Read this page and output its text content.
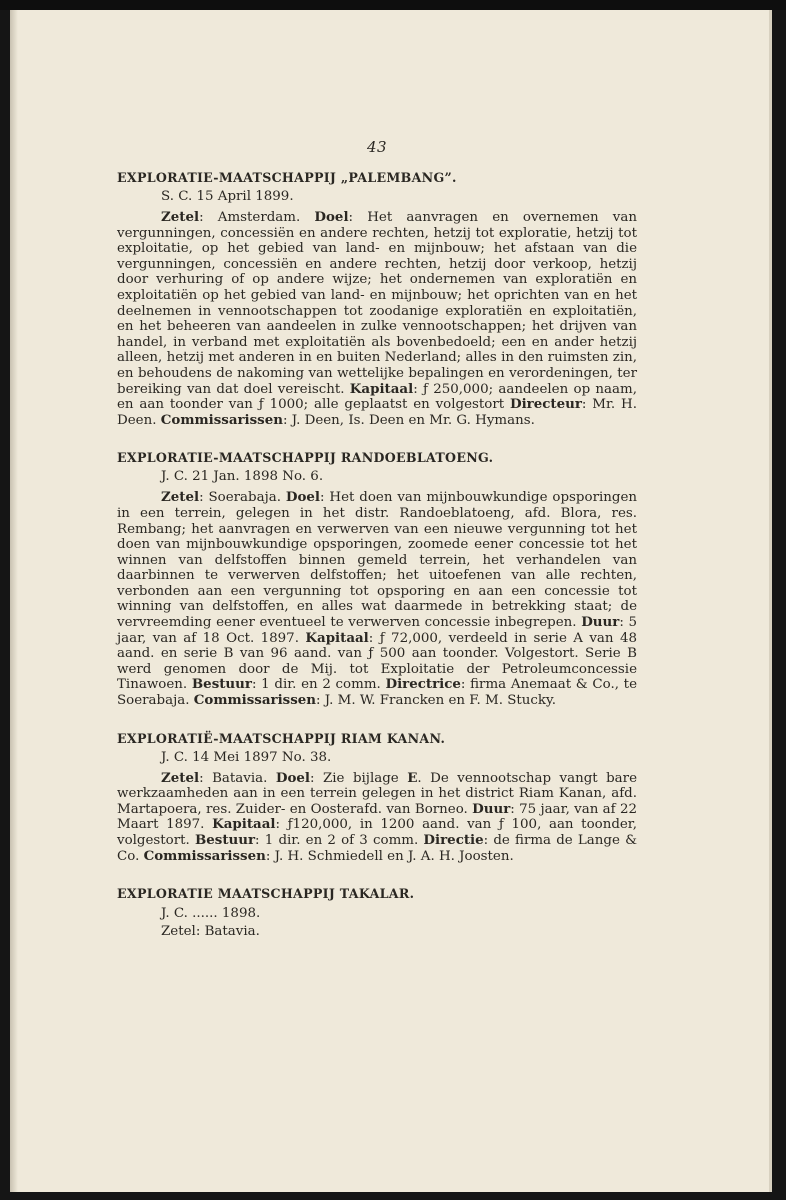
43
EXPLORATIE-MAATSCHAPPIJ „PALEMBANG”.
S. C. 15 April 1899.

Zetel: Amsterdam. Doel: Het aanvragen en overnemen van vergunningen, concessiën en andere rechten, hetzij tot exploratie, hetzij tot exploitatie, op het gebied van land- en mijnbouw; het afstaan van die vergunningen, concessiën en andere rechten, hetzij door verkoop, hetzij door verhuring of op andere wijze; het ondernemen van exploratiën en exploitatiën op het gebied van land- en mijnbouw; het oprichten van en het deelnemen in vennootschappen tot zoodanige exploratiën en exploitatiën, en het beheeren van aandeelen in zulke vennootschappen; het drijven van handel, in verband met exploitatiën als bovenbedoeld; een en ander hetzij alleen, hetzij met anderen in en buiten Nederland; alles in den ruimsten zin, en behoudens de nakoming van wettelijke bepalingen en verordeningen, ter bereiking van dat doel vereischt. Kapitaal: ƒ 250,000; aandeelen op naam, en aan toonder van ƒ 1000; alle geplaatst en volgestort Directeur: Mr. H. Deen. Commissarissen: J. Deen, Is. Deen en Mr. G. Hymans.

EXPLORATIE-MAATSCHAPPIJ RANDOEBLATOENG.
J. C. 21 Jan. 1898 No. 6.

Zetel: Soerabaja. Doel: Het doen van mijnbouwkundige opsporingen in een terrein, gelegen in het distr. Randoeblatoeng, afd. Blora, res. Rembang; het aanvragen en verwerven van een nieuwe vergunning tot het doen van mijnbouwkundige opsporingen, zoomede eener concessie tot het winnen van delfstoffen binnen gemeld terrein, het verhandelen van daarbinnen te verwerven delfstoffen; het uitoefenen van alle rechten, verbonden aan een vergunning tot opsporing en aan een concessie tot winning van delfstoffen, en alles wat daarmede in betrekking staat; de vervreemding eener eventueel te verwerven concessie inbegrepen. Duur: 5 jaar, van af 18 Oct. 1897. Kapitaal: ƒ 72,000, verdeeld in serie A van 48 aand. en serie B van 96 aand. van ƒ 500 aan toonder. Volgestort. Serie B werd genomen door de Mij. tot Exploitatie der Petroleumconcessie Tinawoen. Bestuur: 1 dir. en 2 comm. Directrice: firma Anemaat & Co., te Soerabaja. Commissarissen: J. M. W. Francken en F. M. Stucky.

EXPLORATIË-MAATSCHAPPIJ RIAM KANAN.
J. C. 14 Mei 1897 No. 38.

Zetel: Batavia. Doel: Zie bijlage E. De vennootschap vangt bare werkzaamheden aan in een terrein gelegen in het district Riam Kanan, afd. Martapoera, res. Zuider- en Oosterafd. van Borneo. Duur: 75 jaar, van af 22 Maart 1897. Kapitaal: ƒ120,000, in 1200 aand. van ƒ 100, aan toonder, volgestort. Bestuur: 1 dir. en 2 of 3 comm. Directie: de firma de Lange & Co. Commissarissen: J. H. Schmiedell en J. A. H. Joosten.

EXPLORATIE MAATSCHAPPIJ TAKALAR.
J. C. ...... 1898.
Zetel: Batavia.
